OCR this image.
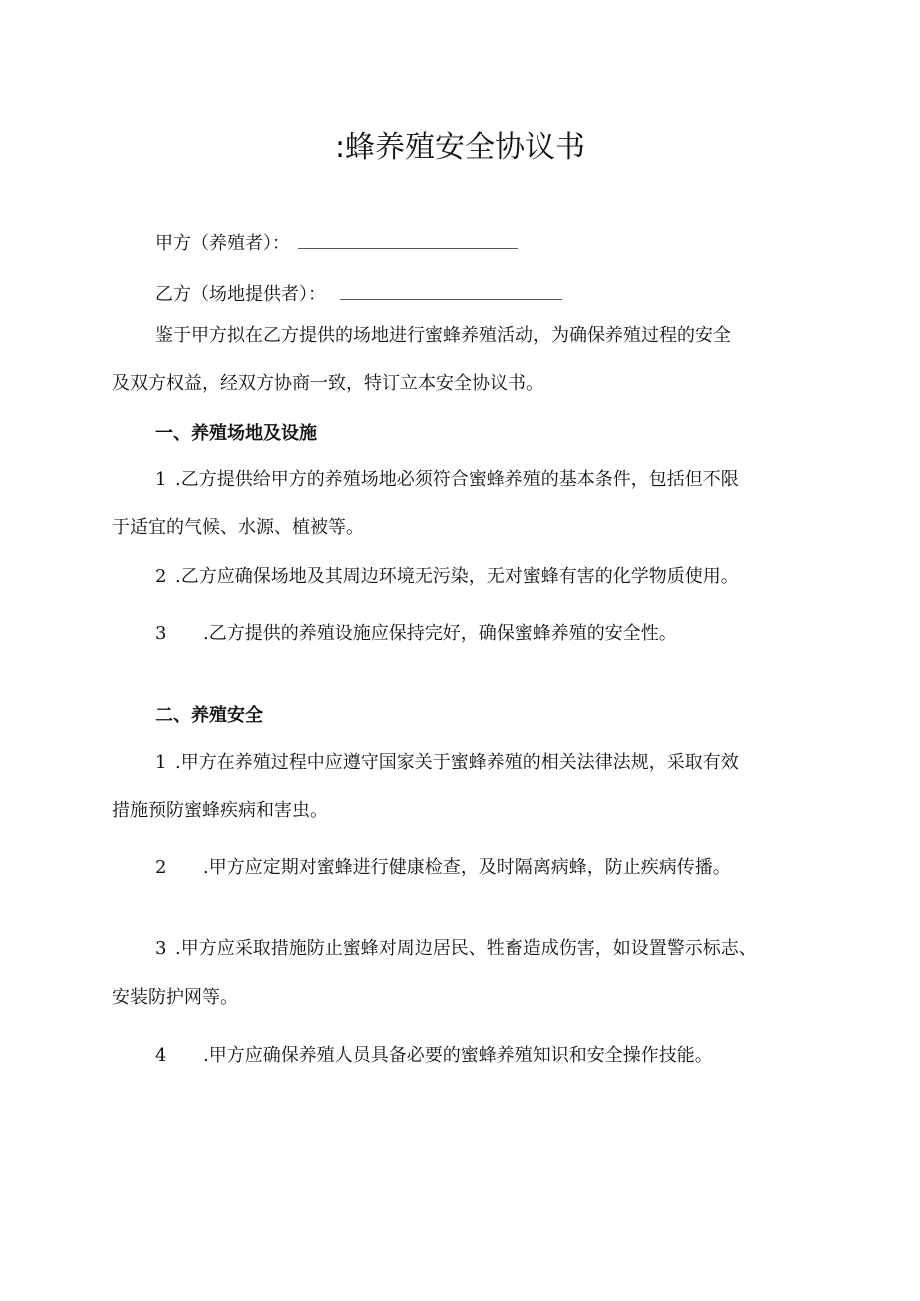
:蜂养殖安全协议书
甲方（养殖者）：
乙方（场地提供者）：
鉴于甲方拟在乙方提供的场地进行蜜蜂养殖活动，为确保养殖过程的安全
及双方权益，经双方协商一致，特订立本安全协议书。
一、养殖场地及设施
1 .乙方提供给甲方的养殖场地必须符合蜜蜂养殖的基本条件，包括但不限
于适宜的气候、水源、植被等。
2 .乙方应确保场地及其周边环境无污染，无对蜜蜂有害的化学物质使用。
3 .乙方提供的养殖设施应保持完好，确保蜜蜂养殖的安全性。
二、养殖安全
1 .甲方在养殖过程中应遵守国家关于蜜蜂养殖的相关法律法规，采取有效
措施预防蜜蜂疾病和害虫。
2 .甲方应定期对蜜蜂进行健康检查，及时隔离病蜂，防止疾病传播。
3 .甲方应采取措施防止蜜蜂对周边居民、牲畜造成伤害，如设置警示标志、
安装防护网等。
4 .甲方应确保养殖人员具备必要的蜜蜂养殖知识和安全操作技能。
